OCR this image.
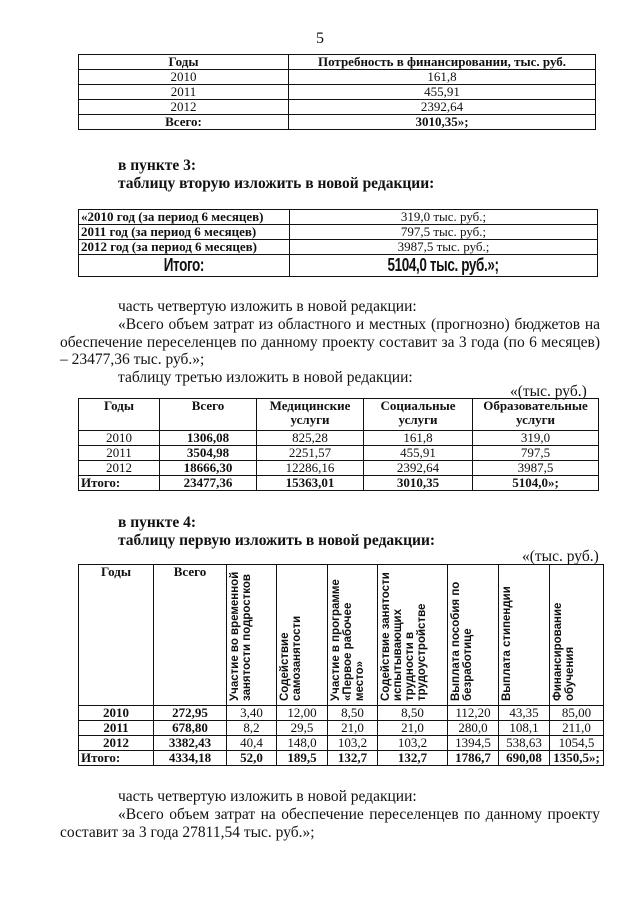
5
Годы	Потребность в финансировании, тыс. руб.
2010	161,8
2011	455,91
2012	2392,64
Всего:	3010,35»;
в пункте 3:
таблицу вторую изложить в новой редакции:
«2010 год (за период 6 месяцев)	319,0 тыс. руб.;
2011 год (за период 6 месяцев)	797,5 тыс. руб.;
2012 год (за период 6 месяцев)	3987,5 тыс. руб.;
Итого:	5104,0 тыс. руб.»;
часть четвертую изложить в новой редакции:
«Всего объем затрат из областного и местных (прогнозно) бюджетов на обеспечение переселенцев по данному проекту составит за 3 года (по 6 месяцев) – 23477,36 тыс. руб.»;
таблицу третью изложить в новой редакции:
«(тыс. руб.)
Годы	Всего	Медицинские услуги	Социальные услуги	Образовательные услуги
2010	1306,08	825,28	161,8	319,0
2011	3504,98	2251,57	455,91	797,5
2012	18666,30	12286,16	2392,64	3987,5
Итого:	23477,36	15363,01	3010,35	5104,0»;
в пункте 4:
таблицу первую изложить в новой редакции:
«(тыс. руб.)
Годы	Всего	Участие во временной занятости подростков	Содействие самозанятости	Участие в программе «Первое рабочее место»	Содействие занятости испытывающих трудности в трудоустройстве	Выплата пособия по безработице	Выплата стипендии	Финансирование обучения

2010	272,95	3,40	12,00	8,50	8,50	112,20	43,35	85,00
2011	678,80	8,2	29,5	21,0	21,0	280,0	108,1	211,0
2012	3382,43	40,4	148,0	103,2	103,2	1394,5	538,63	1054,5
Итого:	4334,18	52,0	189,5	132,7	132,7	1786,7	690,08	1350,5»;
часть четвертую изложить в новой редакции:
«Всего объем затрат на обеспечение переселенцев по данному проекту составит за 3 года 27811,54 тыс. руб.»;
